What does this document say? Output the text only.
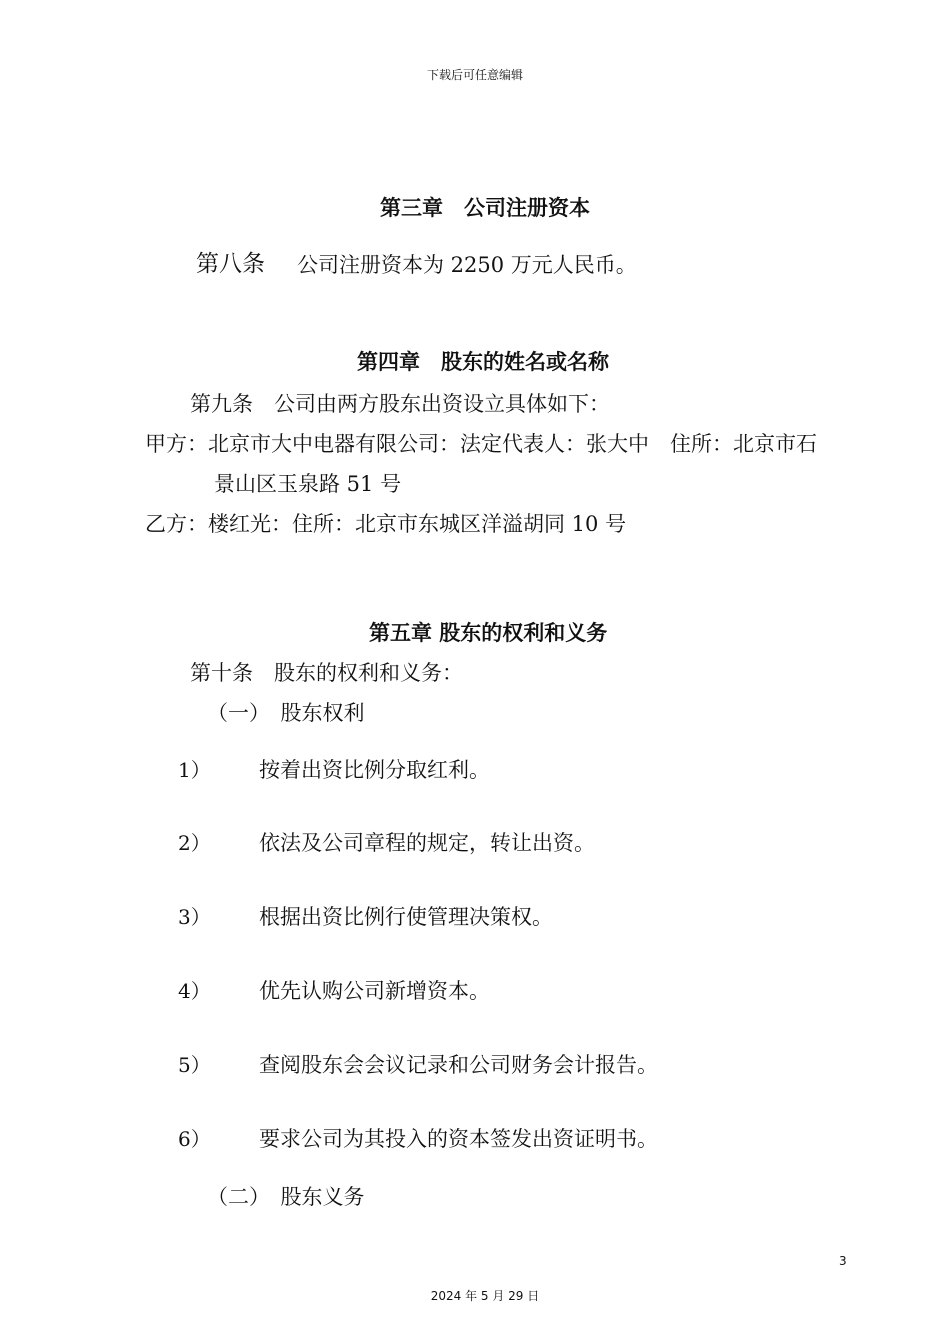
下载后可任意编辑
第三章　公司注册资本
第八条 公司注册资本为 2250 万元人民币。
第四章　股东的姓名或名称
第九条　公司由两方股东出资设立具体如下：
甲方：北京市大中电器有限公司：法定代表人：张大中　住所：北京市石
景山区玉泉路 51 号
乙方：楼红光：住所：北京市东城区洋溢胡同 10 号
第五章 股东的权利和义务
第十条　股东的权利和义务：
（一）　股东权利
1） 按着出资比例分取红利。
2） 依法及公司章程的规定，转让出资。
3） 根据出资比例行使管理决策权。
4） 优先认购公司新增资本。
5） 查阅股东会会议记录和公司财务会计报告。
6） 要求公司为其投入的资本签发出资证明书。
（二）　股东义务
3
2024 年 5 月 29 日
